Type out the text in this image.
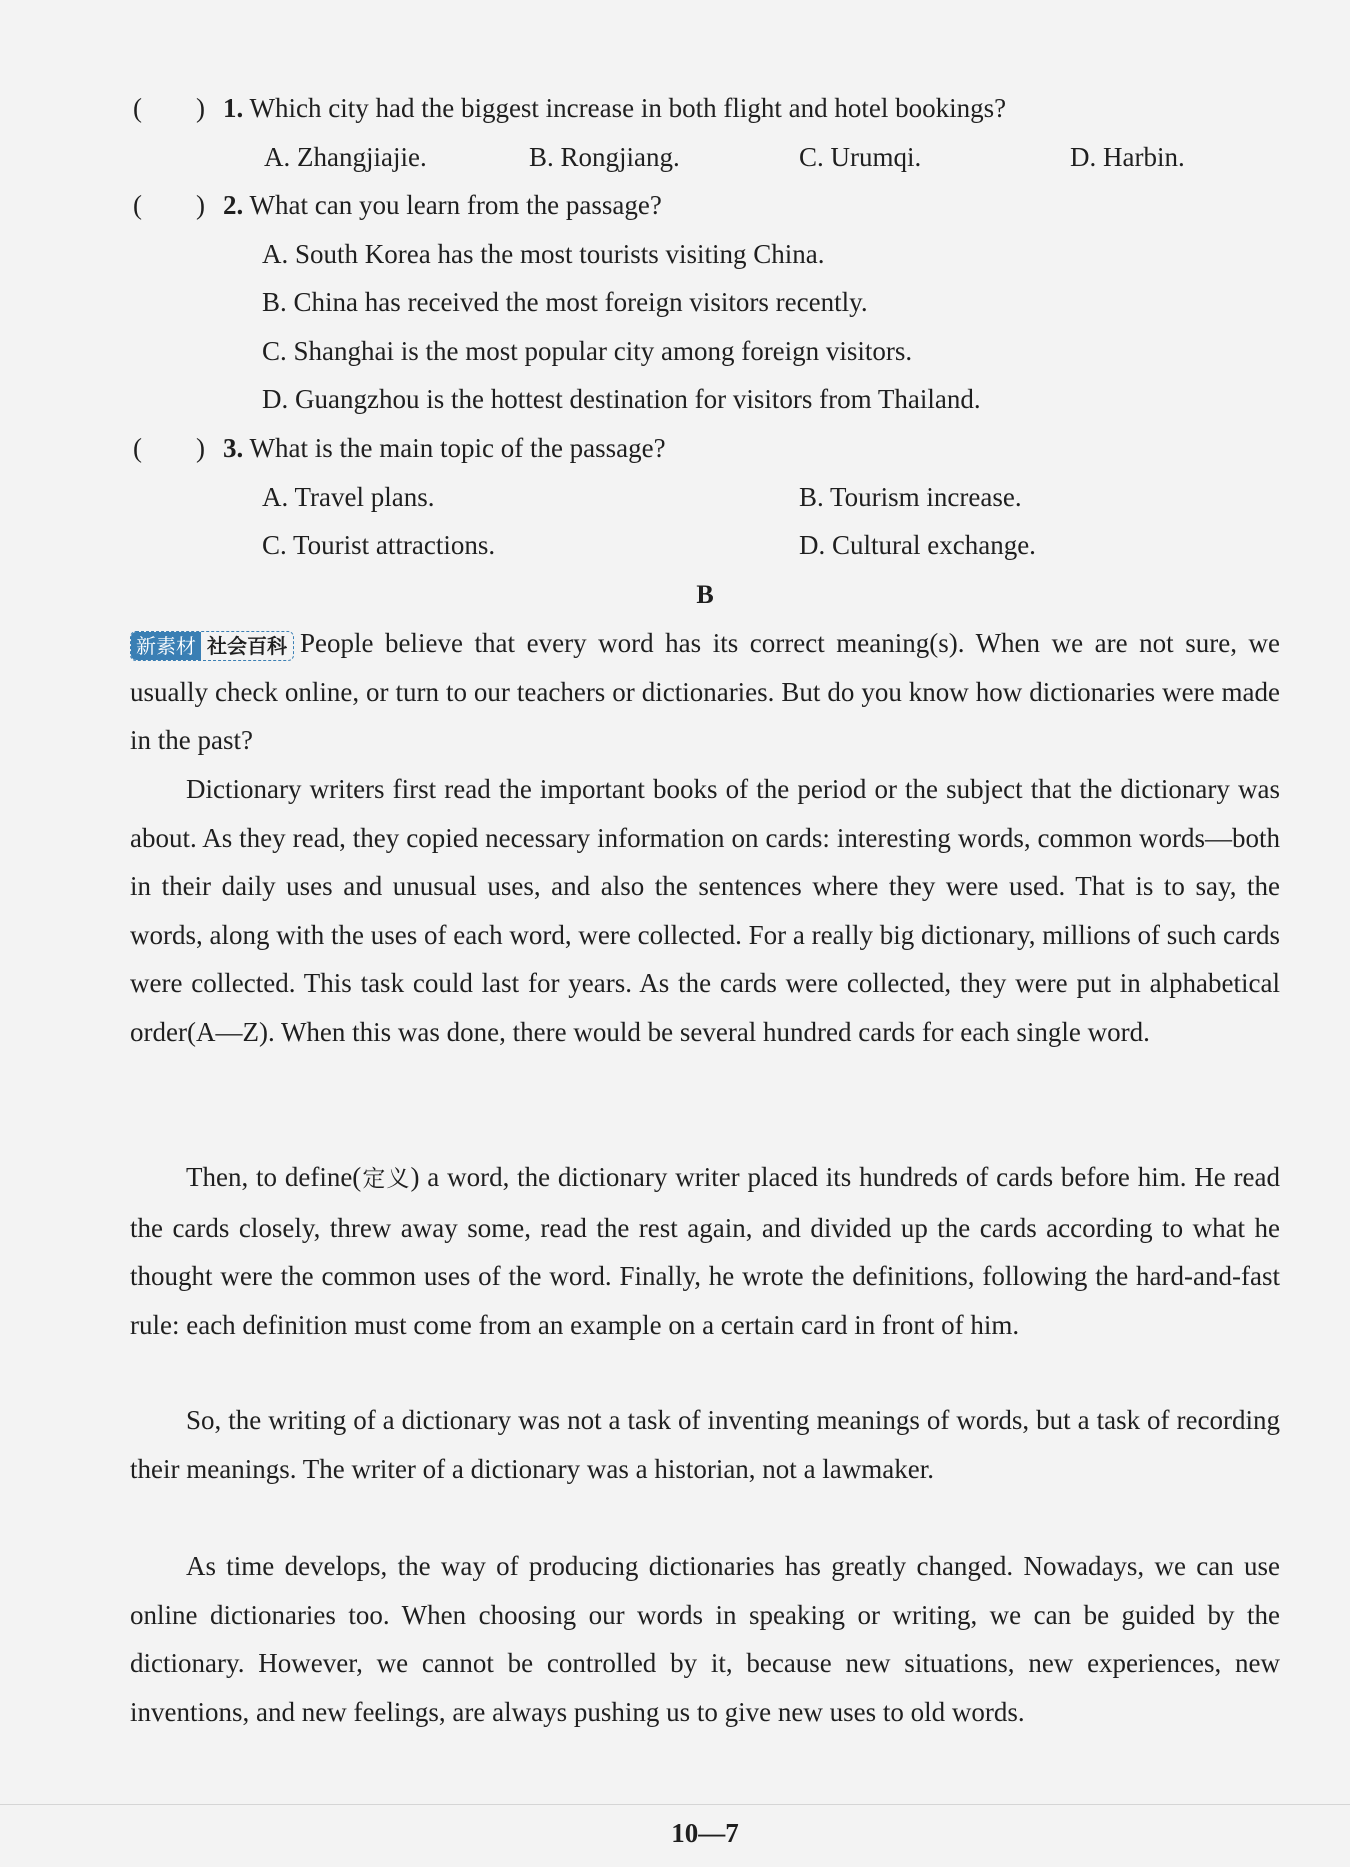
(　　) 1. Which city had the biggest increase in both flight and hotel bookings?
A. Zhangjiajie.	B. Rongjiang.	C. Urumqi.	D. Harbin.
(　　) 2. What can you learn from the passage?
A. South Korea has the most tourists visiting China.
B. China has received the most foreign visitors recently.
C. Shanghai is the most popular city among foreign visitors.
D. Guangzhou is the hottest destination for visitors from Thailand.
(　　) 3. What is the main topic of the passage?
A. Travel plans.	B. Tourism increase.
C. Tourist attractions.	D. Cultural exchange.
B
新素材 社会百科 People believe that every word has its correct meaning(s). When we are not sure, we usually check online, or turn to our teachers or dictionaries. But do you know how dictionaries were made in the past?
Dictionary writers first read the important books of the period or the subject that the dictionary was about. As they read, they copied necessary information on cards: interesting words, common words—both in their daily uses and unusual uses, and also the sentences where they were used. That is to say, the words, along with the uses of each word, were collected. For a really big dictionary, millions of such cards were collected. This task could last for years. As the cards were collected, they were put in alphabetical order(A—Z). When this was done, there would be several hundred cards for each single word.
Then, to define(定义) a word, the dictionary writer placed its hundreds of cards before him. He read the cards closely, threw away some, read the rest again, and divided up the cards according to what he thought were the common uses of the word. Finally, he wrote the definitions, following the hard-and-fast rule: each definition must come from an example on a certain card in front of him.
So, the writing of a dictionary was not a task of inventing meanings of words, but a task of recording their meanings. The writer of a dictionary was a historian, not a lawmaker.
As time develops, the way of producing dictionaries has greatly changed. Nowadays, we can use online dictionaries too. When choosing our words in speaking or writing, we can be guided by the dictionary. However, we cannot be controlled by it, because new situations, new experiences, new inventions, and new feelings, are always pushing us to give new uses to old words.
10—7
